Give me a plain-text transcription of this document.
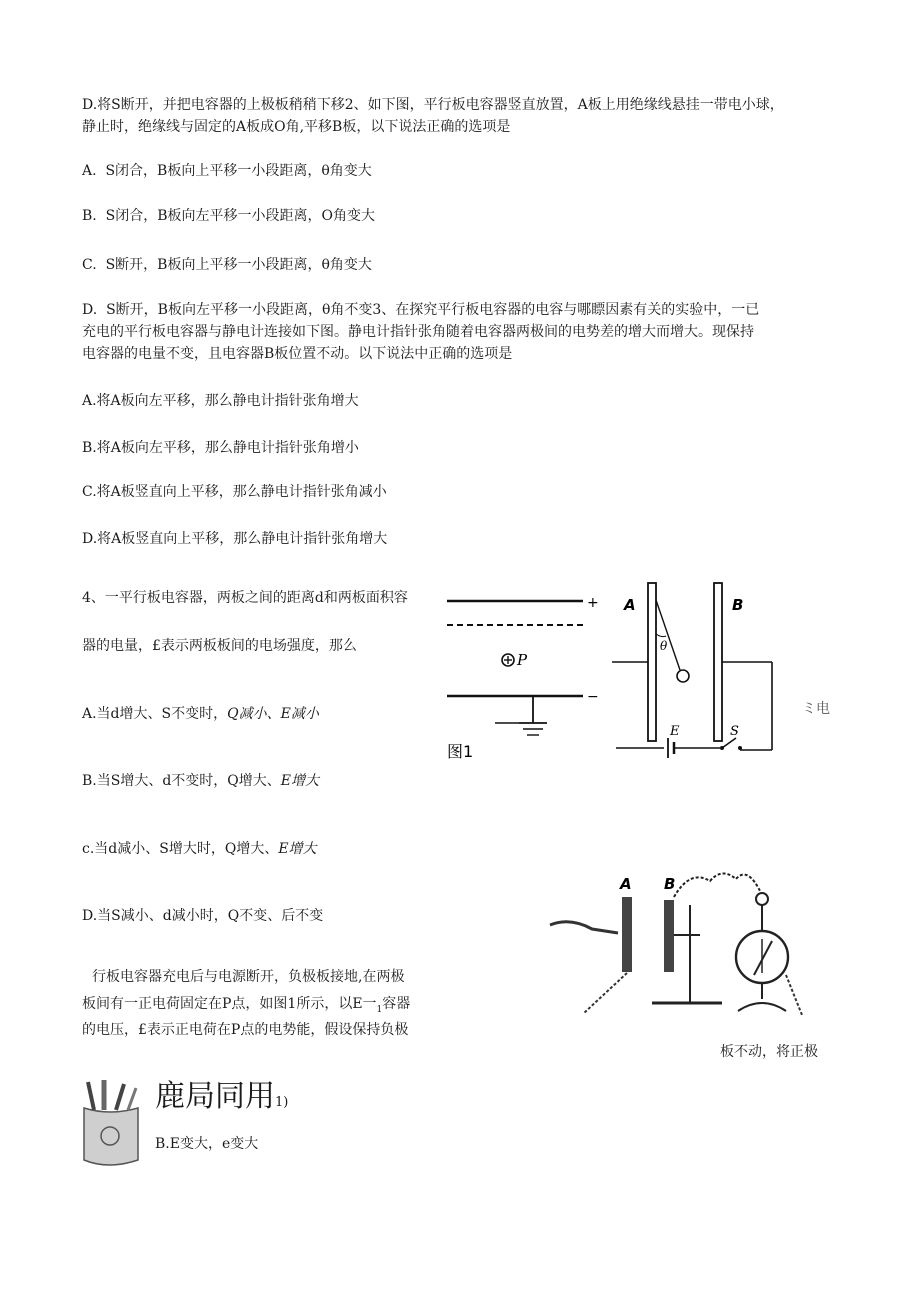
D.将S断开，并把电容器的上极板稍稍下移2、如下图，平行板电容器竖直放置，A板上用绝缘线悬挂一带电小球，
静止时，绝缘线与固定的A板成O角,平移B板，以下说法正确的选项是
A.  S闭合，B板向上平移一小段距离，θ角变大
B.  S闭合，B板向左平移一小段距离，O角变大
C.  S断开，B板向上平移一小段距离，θ角变大
D.  S断开，B板向左平移一小段距离，θ角不变3、在探究平行板电容器的电容与哪瞟因素有关的实验中，一已
充电的平行板电容器与静电计连接如下图。静电计指针张角随着电容器两极间的电势差的增大而增大。现保持
电容器的电量不变，且电容器B板位置不动。以下说法中正确的选项是
A.将A板向左平移，那么静电计指针张角增大
B.将A板向左平移，那么静电计指针张角增小
C.将A板竖直向上平移，那么静电计指针张角减小
D.将A板竖直向上平移，那么静电计指针张角增大
4、一平行板电容器，两板之间的距离d和两板面积容
器的电量，£表示两板板间的电场强度，那么
A.当d增大、S不变时，Q减小、E减小
B.当S增大、d不变时，Q增大、E增大
c.当d减小、S增大时，Q增大、E增大
D.当S减小、d减小时，Q不变、后不变
行板电容器充电后与电源断开，负极板接地,在两极
板间有一正电荷固定在P点，如图1所示，以E一$_1$容器
的电压，£表示正电荷在P点的电势能，假设保持负极
板不动，将正极
ミ电
+
P
−
图1
A	B
θ
E	S
A B
鹿局同用1)
B.E变大，e变大
